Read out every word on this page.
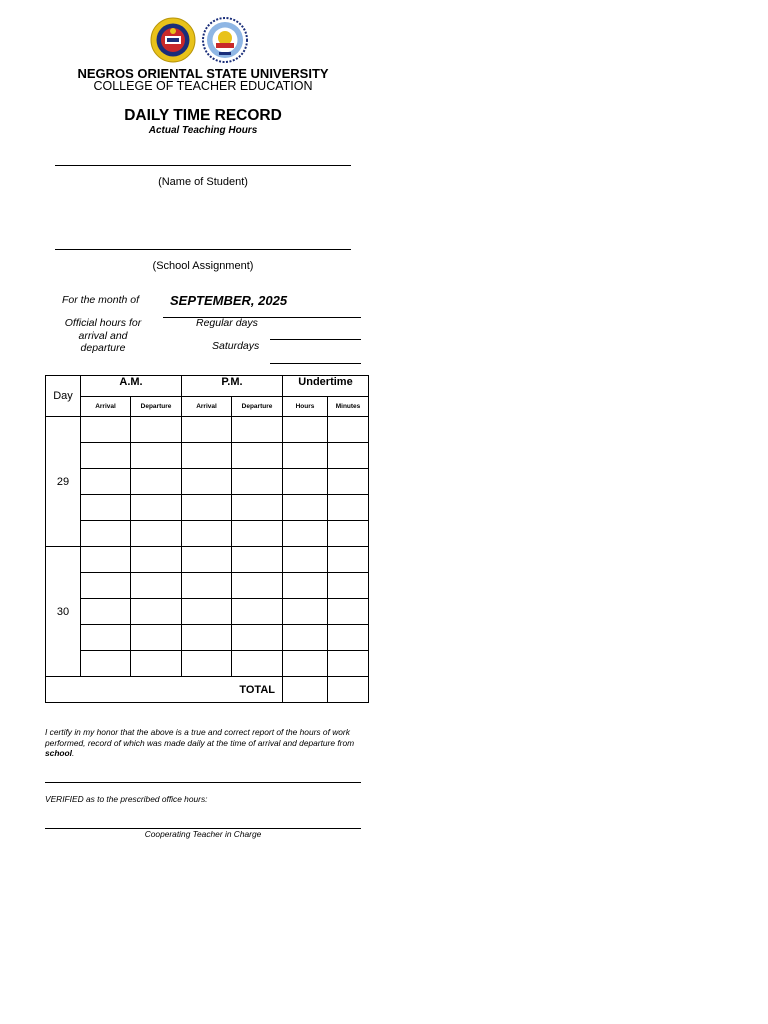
NEGROS ORIENTAL STATE UNIVERSITY
COLLEGE OF TEACHER EDUCATION
DAILY TIME RECORD
Actual Teaching Hours
(Name of Student)
(School Assignment)
For the month of SEPTEMBER, 2025
Official hours for arrival and departure
Regular days
Saturdays
Day	A.M.		P.M.		Undertime	
	Arrival	Departure	Arrival	Departure	Hours	Minutes
29						

30						

TOTAL						
I certify in my honor that the above is a true and correct report of the hours of work performed, record of which was made daily at the time of arrival and departure from school.
VERIFIED as to the prescribed office hours:
Cooperating Teacher in Charge
